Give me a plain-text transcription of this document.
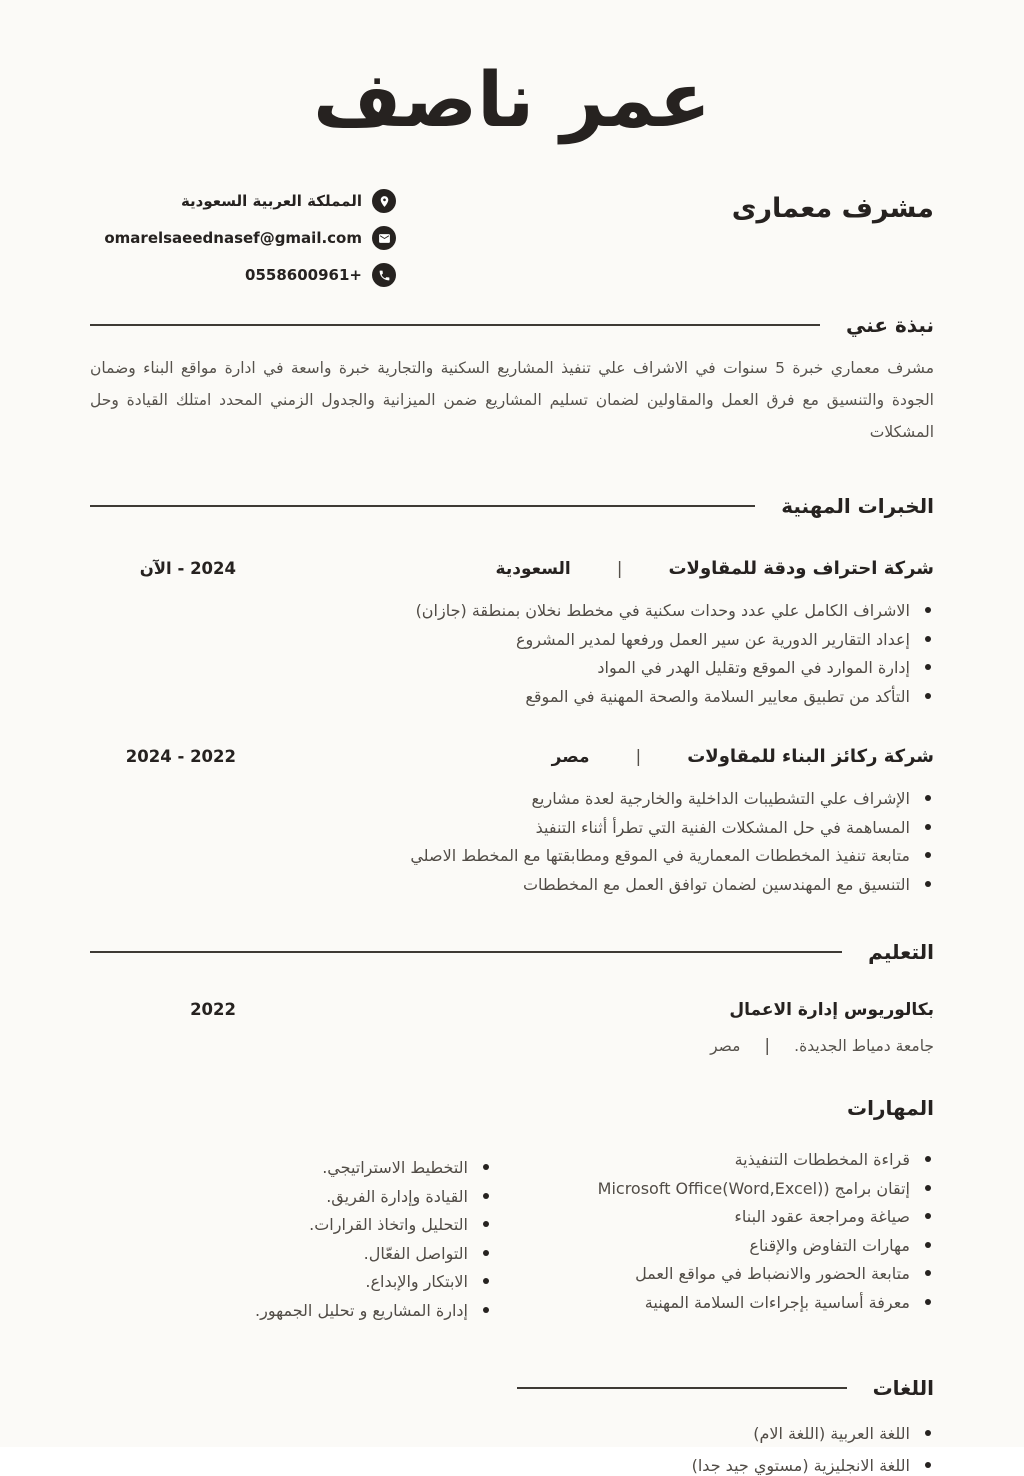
عمر ناصف
مشرف معمارى
المملكة العربية السعودية
omarelsaeednasef@gmail.com
0558600961+
نبذة عني
مشرف معماري خبرة 5 سنوات في الاشراف علي تنفيذ المشاريع السكنية والتجارية خبرة واسعة في ادارة مواقع البناء وضمان الجودة والتنسيق مع فرق العمل والمقاولين لضمان تسليم المشاريع ضمن الميزانية والجدول الزمني المحدد امتلك القيادة وحل المشكلات
الخبرات المهنية
شركة احتراف ودقة للمقاولات
|
السعودية
2024 - الآن
الاشراف الكامل علي عدد وحدات سكنية في مخطط نخلان بمنطقة (جازان)
إعداد التقارير الدورية عن سير العمل ورفعها لمدير المشروع
إدارة الموارد في الموقع وتقليل الهدر في المواد
التأكد من تطبيق معايير السلامة والصحة المهنية في الموقع
شركة ركائز البناء للمقاولات
|
مصر
2022 - 2024
الإشراف علي التشطيبات الداخلية والخارجية لعدة مشاريع
المساهمة في حل المشكلات الفنية التي تطرأ أثناء التنفيذ
متابعة تنفيذ المخططات المعمارية في الموقع ومطابقتها مع المخطط الاصلي
التنسيق مع المهندسين لضمان توافق العمل مع المخططات
التعليم
بكالوريوس إدارة الاعمال
2022
جامعة دمياط الجديدة.
|
مصر
المهارات
قراءة المخططات التنفيذية
إتقان برامج (Microsoft Office(Word,Excel)
صياغة ومراجعة عقود البناء
مهارات التفاوض والإقناع
متابعة الحضور والانضباط في مواقع العمل
معرفة أساسية بإجراءات السلامة المهنية
التخطيط الاستراتيجي.
القيادة وإدارة الفريق.
التحليل واتخاذ القرارات.
التواصل الفعّال.
الابتكار والإبداع.
إدارة المشاريع و تحليل الجمهور.
اللغات
اللغة العربية (اللغة الام)
اللغة الانجليزية (مستوي جيد جدا)
